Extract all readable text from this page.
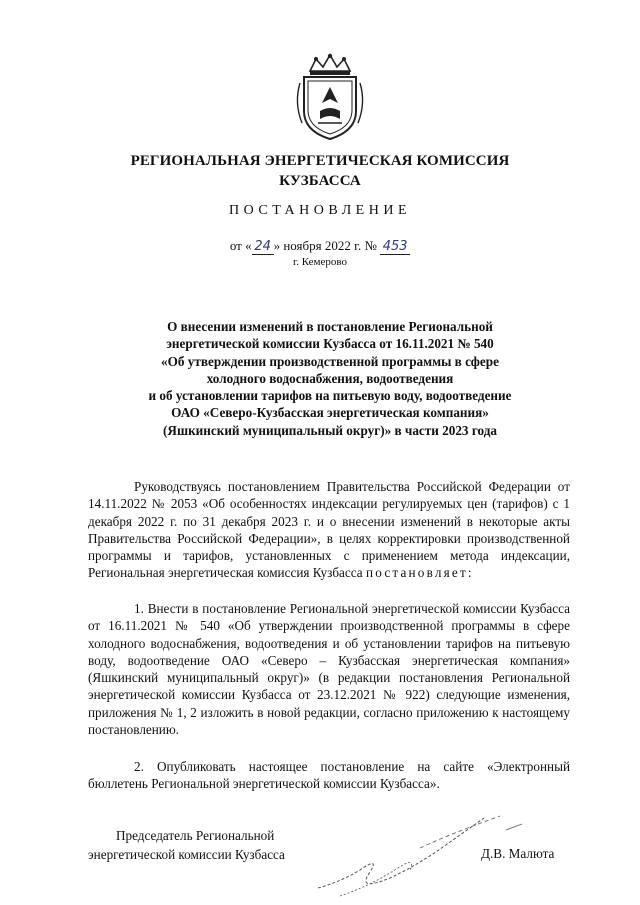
РЕГИОНАЛЬНАЯ ЭНЕРГЕТИЧЕСКАЯ КОМИССИЯ
КУЗБАССА
ПОСТАНОВЛЕНИЕ
от « 24 » ноября 2022 г. № 453
г. Кемерово
О внесении изменений в постановление Региональной
энергетической комиссии Кузбасса от 16.11.2021 № 540
«Об утверждении производственной программы в сфере
холодного водоснабжения, водоотведения
и об установлении тарифов на питьевую воду, водоотведение
ОАО «Северо-Кузбасская энергетическая компания»
(Яшкинский муниципальный округ)» в части 2023 года
Руководствуясь постановлением Правительства Российской Федерации от 14.11.2022 № 2053 «Об особенностях индексации регулируемых цен (тарифов) с 1 декабря 2022 г. по 31 декабря 2023 г. и о внесении изменений в некоторые акты Правительства Российской Федерации», в целях корректировки производственной программы и тарифов, установленных с применением метода индексации, Региональная энергетическая комиссия Кузбасса постановляет:
1. Внести в постановление Региональной энергетической комиссии Кузбасса от 16.11.2021 № 540 «Об утверждении производственной программы в сфере холодного водоснабжения, водоотведения и об установлении тарифов на питьевую воду, водоотведение ОАО «Северо – Кузбасская энергетическая компания» (Яшкинский муниципальный округ)» (в редакции постановления Региональной энергетической комиссии Кузбасса от 23.12.2021 № 922) следующие изменения, приложения № 1, 2 изложить в новой редакции, согласно приложению к настоящему постановлению.
2. Опубликовать настоящее постановление на сайте «Электронный бюллетень Региональной энергетической комиссии Кузбасса».
Председатель Региональной
энергетической комиссии Кузбасса	Д.В. Малюта
